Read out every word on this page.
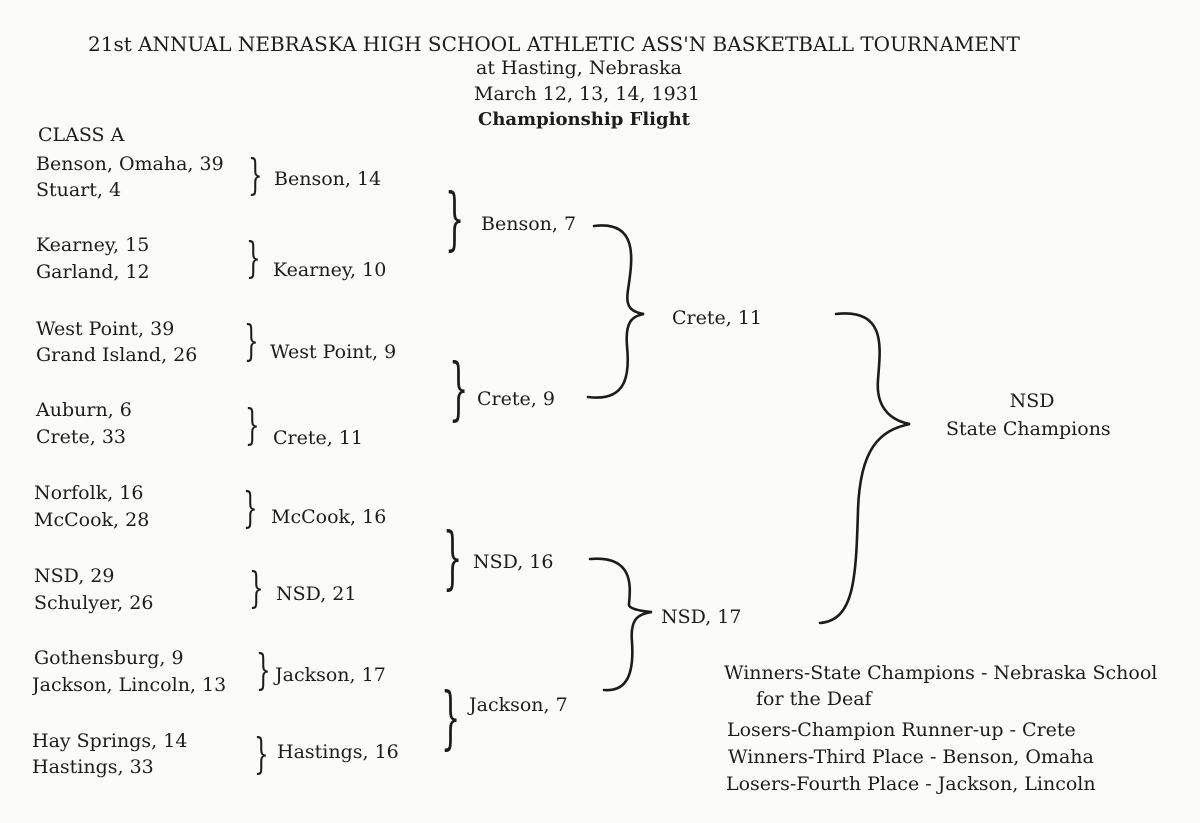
21st ANNUAL NEBRASKA HIGH SCHOOL ATHLETIC ASS'N BASKETBALL TOURNAMENT
at Hasting, Nebraska
March 12, 13, 14, 1931
Championship Flight
CLASS A
Benson, Omaha, 39
Stuart, 4
Kearney, 15
Garland, 12
West Point, 39
Grand Island, 26
Auburn, 6
Crete, 33
Norfolk, 16
McCook, 28
NSD, 29
Schulyer, 26
Gothensburg, 9
Jackson, Lincoln, 13
Hay Springs, 14
Hastings, 33
}
}
}
}
}
}
}
}
Benson, 14
Kearney, 10
West Point, 9
Crete, 11
McCook, 16
NSD, 21
Jackson, 17
Hastings, 16
}
}
}
}
Benson, 7
Crete, 9
NSD, 16
Jackson, 7
Crete, 11
NSD, 17
NSD
State Champions
Winners-State Champions - Nebraska School
for the Deaf
Losers-Champion Runner-up - Crete
Winners-Third Place - Benson, Omaha
Losers-Fourth Place - Jackson, Lincoln
